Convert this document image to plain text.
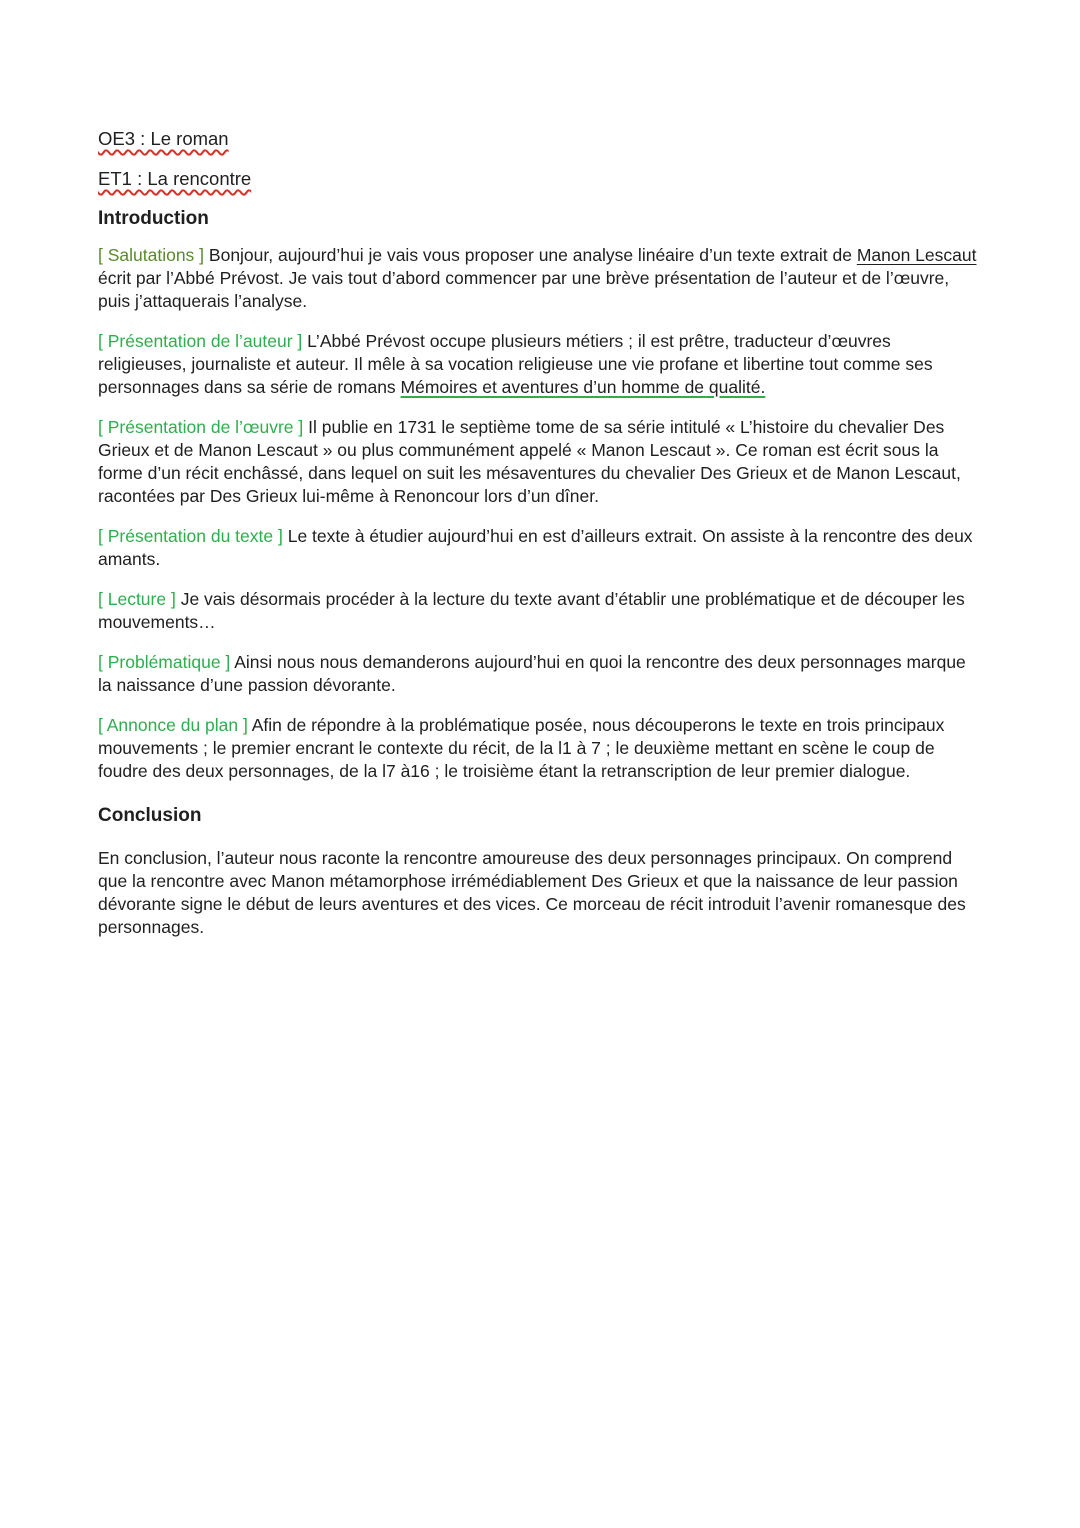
OE3 : Le roman

ET1 : La rencontre

Introduction

[ Salutations ] Bonjour, aujourd’hui je vais vous proposer une analyse linéaire d’un texte extrait de Manon Lescaut écrit par l’Abbé Prévost. Je vais tout d’abord commencer par une brève présentation de l’auteur et de l’œuvre, puis j’attaquerais l’analyse.

[ Présentation de l’auteur ] L’Abbé Prévost occupe plusieurs métiers ; il est prêtre, traducteur d’œuvres religieuses, journaliste et auteur. Il mêle à sa vocation religieuse une vie profane et libertine tout comme ses personnages dans sa série de romans Mémoires et aventures d’un homme de qualité.

[ Présentation de l’œuvre ] Il publie en 1731 le septième tome de sa série intitulé « L’histoire du chevalier Des Grieux et de Manon Lescaut » ou plus communément appelé « Manon Lescaut ». Ce roman est écrit sous la forme d’un récit enchâssé, dans lequel on suit les mésaventures du chevalier Des Grieux et de Manon Lescaut, racontées par Des Grieux lui-même à Renoncour lors d’un dîner.

[ Présentation du texte ] Le texte à étudier aujourd’hui en est d’ailleurs extrait. On assiste à la rencontre des deux amants.

[ Lecture ] Je vais désormais procéder à la lecture du texte avant d’établir une problématique et de découper les mouvements…

[ Problématique ] Ainsi nous nous demanderons aujourd’hui en quoi la rencontre des deux personnages marque la naissance d’une passion dévorante.

[ Annonce du plan ] Afin de répondre à la problématique posée, nous découperons le texte en trois principaux mouvements ; le premier encrant le contexte du récit, de la l1 à 7 ; le deuxième mettant en scène le coup de foudre des deux personnages, de la l7 à16 ; le troisième étant la retranscription de leur premier dialogue.

Conclusion

En conclusion, l’auteur nous raconte la rencontre amoureuse des deux personnages principaux. On comprend que la rencontre avec Manon métamorphose irrémédiablement Des Grieux et que la naissance de leur passion dévorante signe le début de leurs aventures et des vices. Ce morceau de récit introduit l’avenir romanesque des personnages.
